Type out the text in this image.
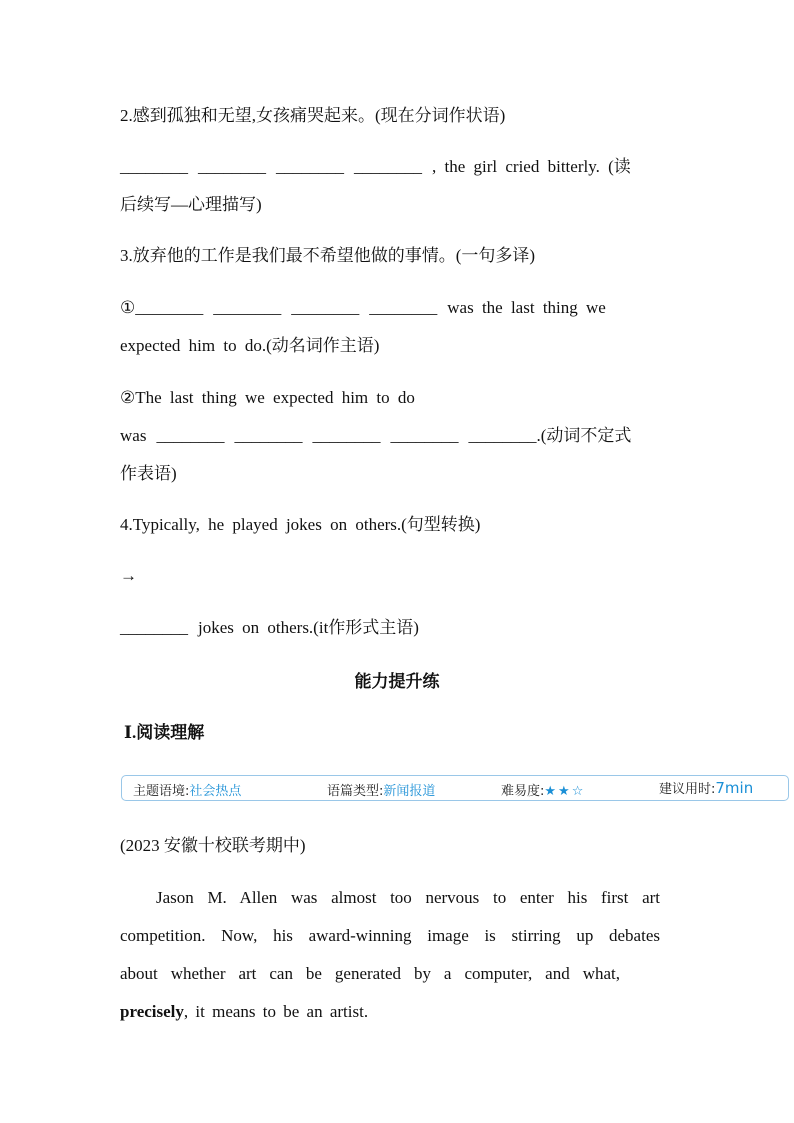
2.感到孤独和无望,女孩痛哭起来。(现在分词作状语)
________ ________ ________ ________ , the girl cried bitterly. (读
后续写—心理描写)
3.放弃他的工作是我们最不希望他做的事情。(一句多译)
①________ ________ ________ ________ was the last thing we
expected him to do.(动名词作主语)
②The last thing we expected him to do
was ________ ________ ________ ________ ________.(动词不定式
作表语)
4.Typically, he played jokes on others.(句型转换)
→
________ jokes on others.(it作形式主语)
能力提升练
Ⅰ.阅读理解
主题语境:社会热点	语篇类型:新闻报道	难易度:★★☆	建议用时:7min
(2023 安徽十校联考期中)
Jason M. Allen was almost too nervous to enter his first art
competition. Now, his award-winning image is stirring up debates
about whether art can be generated by a computer, and what,
precisely, it means to be an artist.
